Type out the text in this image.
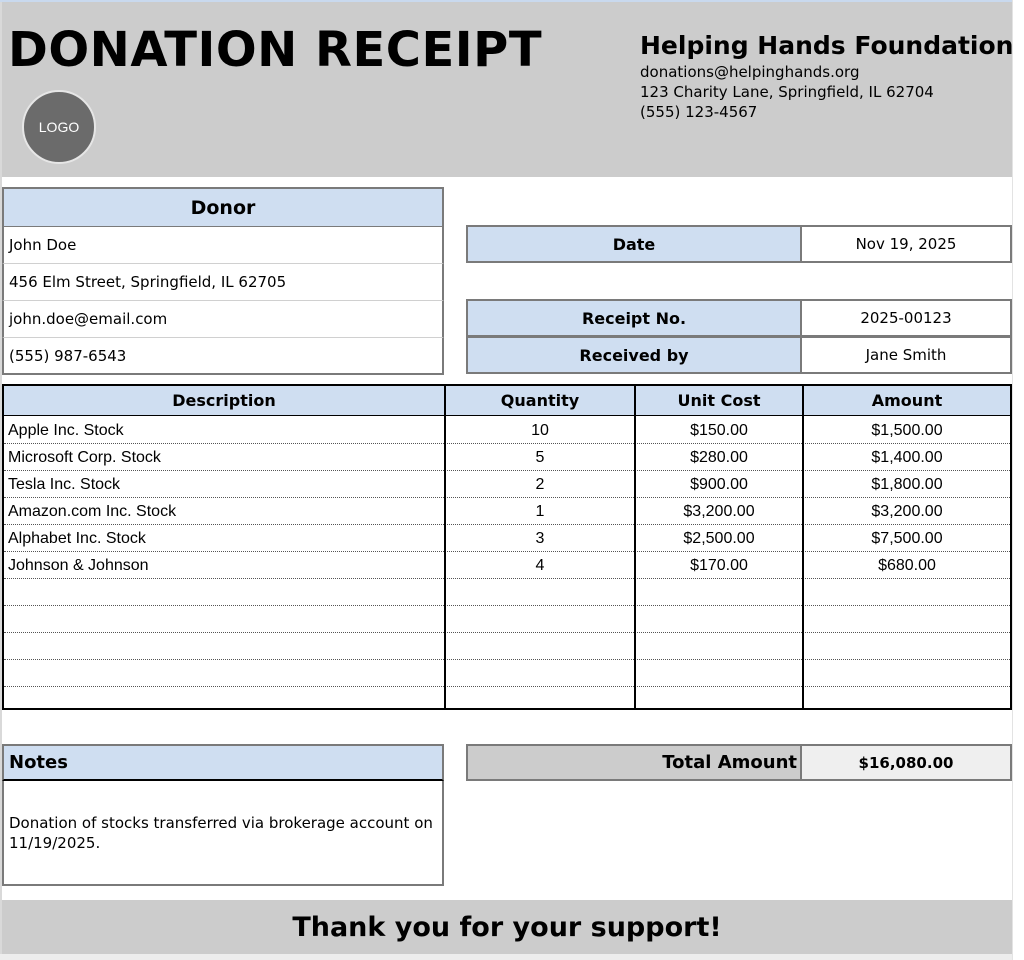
DONATION RECEIPT
LOGO
Helping Hands Foundation
donations@helpinghands.org
123 Charity Lane, Springfield, IL 62704
(555) 123-4567
Donor
John Doe
456 Elm Street, Springfield, IL 62705
john.doe@email.com
(555) 987-6543
Date	Nov 19, 2025
Receipt No.	2025-00123
Received by	Jane Smith
Description	Quantity	Unit Cost	Amount
Apple Inc. Stock	10	$150.00	$1,500.00
Microsoft Corp. Stock	5	$280.00	$1,400.00
Tesla Inc. Stock	2	$900.00	$1,800.00
Amazon.com Inc. Stock	1	$3,200.00	$3,200.00
Alphabet Inc. Stock	3	$2,500.00	$7,500.00
Johnson & Johnson	4	$170.00	$680.00
Notes
Donation of stocks transferred via brokerage account on 11/19/2025.
Total Amount	$16,080.00
Thank you for your support!
